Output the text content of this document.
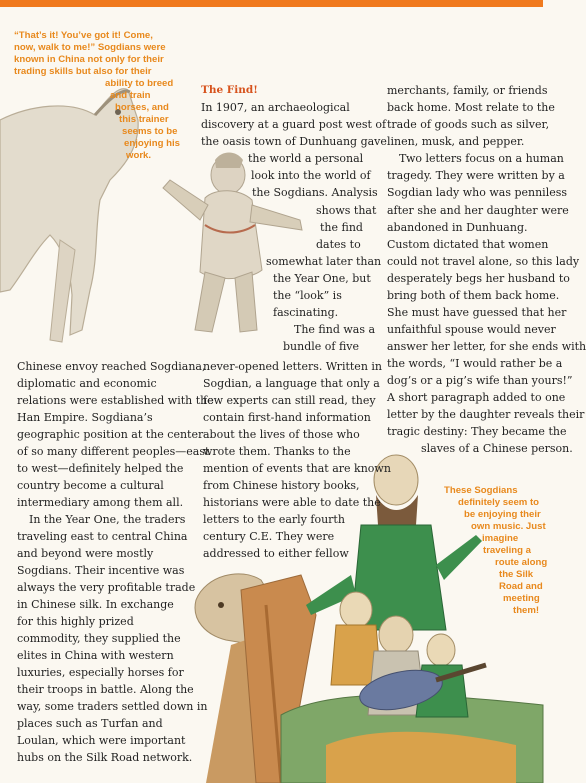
“That’s it! You’ve got it! Come,
now, walk to me!” Sogdians were
known in China not only for their
trading skills but also for their
ability to breed
and train
horses, and
this trainer
seems to be
enjoying his
work.
These Sogdians
definitely seem to
be enjoying their
own music. Just
imagine
traveling a
route along
the Silk
Road and
meeting
them!
The Find!
Chinese envoy reached Sogdiana,
diplomatic and economic
relations were established with the
Han Empire. Sogdiana’s
geographic position at the center
of so many different peoples—east
to west—definitely helped the
country become a cultural
intermediary among them all.
In the Year One, the traders
traveling east to central China
and beyond were mostly
Sogdians. Their incentive was
always the very profitable trade
in Chinese silk. In exchange
for this highly prized
commodity, they supplied the
elites in China with western
luxuries, especially horses for
their troops in battle. Along the
way, some traders settled down in
places such as Turfan and
Loulan, which were important
hubs on the Silk Road network.
In 1907, an archaeological
discovery at a guard post west of
the oasis town of Dunhuang gave
the world a personal
look into the world of
the Sogdians. Analysis
shows that
the find
dates to
somewhat later than
the Year One, but
the “look” is
fascinating.
The find was a
bundle of five
never-opened letters. Written in
Sogdian, a language that only a
few experts can still read, they
contain first-hand information
about the lives of those who
wrote them. Thanks to the
mention of events that are known
from Chinese history books,
historians were able to date the
letters to the early fourth
century C.E. They were
addressed to either fellow
merchants, family, or friends
back home. Most relate to the
trade of goods such as silver,
linen, musk, and pepper.
Two letters focus on a human
tragedy. They were written by a
Sogdian lady who was penniless
after she and her daughter were
abandoned in Dunhuang.
Custom dictated that women
could not travel alone, so this lady
desperately begs her husband to
bring both of them back home.
She must have guessed that her
unfaithful spouse would never
answer her letter, for she ends with
the words, “I would rather be a
dog’s or a pig’s wife than yours!”
A short paragraph added to one
letter by the daughter reveals their
tragic destiny: They became the
slaves of a Chinese person.
